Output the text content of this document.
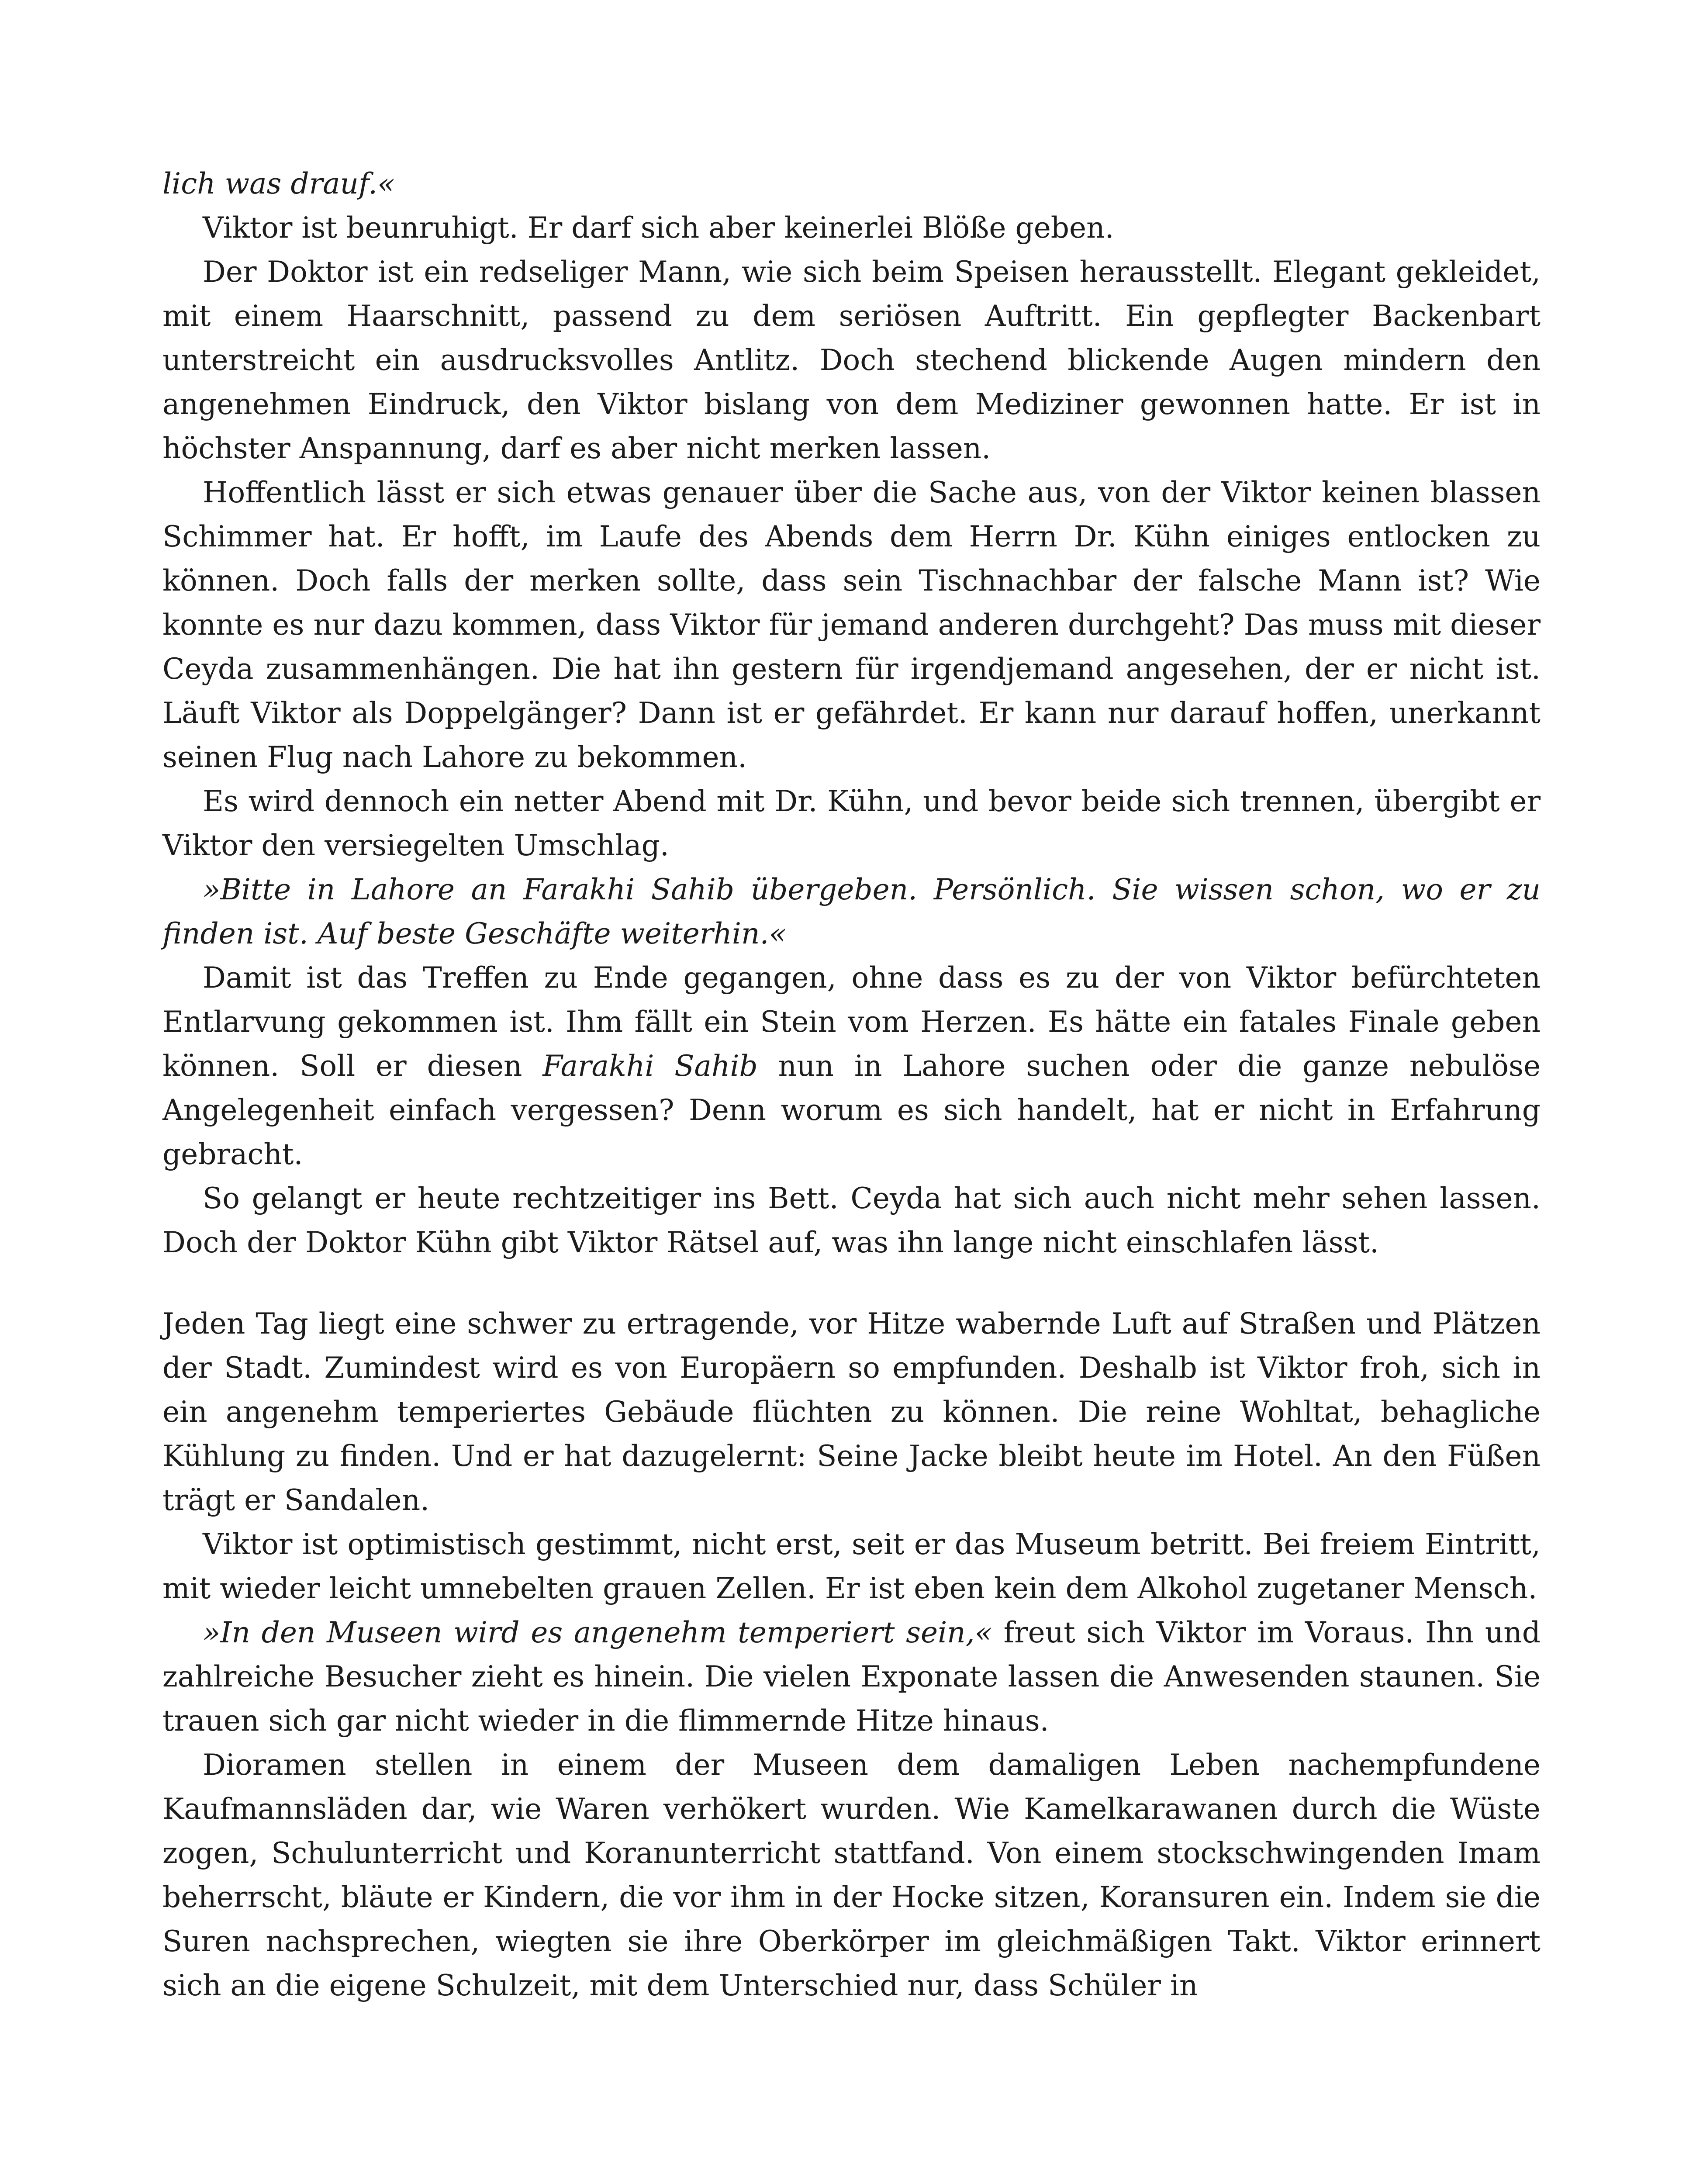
lich was drauf.«

Viktor ist beunruhigt. Er darf sich aber keinerlei Blöße geben.

Der Doktor ist ein redseliger Mann, wie sich beim Speisen herausstellt. Elegant gekleidet, mit einem Haarschnitt, passend zu dem seriösen Auftritt. Ein gepflegter Backenbart unterstreicht ein ausdrucksvolles Antlitz. Doch stechend blickende Augen mindern den angenehmen Eindruck, den Viktor bislang von dem Mediziner gewonnen hatte. Er ist in höchster Anspannung, darf es aber nicht merken lassen.

Hoffentlich lässt er sich etwas genauer über die Sache aus, von der Viktor keinen blassen Schimmer hat. Er hofft, im Laufe des Abends dem Herrn Dr. Kühn einiges entlocken zu können. Doch falls der merken sollte, dass sein Tischnachbar der falsche Mann ist? Wie konnte es nur dazu kommen, dass Viktor für jemand anderen durchgeht? Das muss mit dieser Ceyda zusammenhängen. Die hat ihn gestern für irgendjemand angesehen, der er nicht ist. Läuft Viktor als Doppelgänger? Dann ist er gefährdet. Er kann nur darauf hoffen, unerkannt seinen Flug nach Lahore zu bekommen.

Es wird dennoch ein netter Abend mit Dr. Kühn, und bevor beide sich trennen, übergibt er Viktor den versiegelten Umschlag.

»Bitte in Lahore an Farakhi Sahib übergeben. Persönlich. Sie wissen schon, wo er zu finden ist. Auf beste Geschäfte weiterhin.«

Damit ist das Treffen zu Ende gegangen, ohne dass es zu der von Viktor befürchteten Entlarvung gekommen ist. Ihm fällt ein Stein vom Herzen. Es hätte ein fatales Finale geben können. Soll er diesen Farakhi Sahib nun in Lahore suchen oder die ganze nebulöse Angelegenheit einfach vergessen? Denn worum es sich handelt, hat er nicht in Erfahrung gebracht.

So gelangt er heute rechtzeitiger ins Bett. Ceyda hat sich auch nicht mehr sehen lassen. Doch der Doktor Kühn gibt Viktor Rätsel auf, was ihn lange nicht einschlafen lässt.

Jeden Tag liegt eine schwer zu ertragende, vor Hitze wabernde Luft auf Straßen und Plätzen der Stadt. Zumindest wird es von Europäern so empfunden. Deshalb ist Viktor froh, sich in ein angenehm temperiertes Gebäude flüchten zu können. Die reine Wohltat, behagliche Kühlung zu finden. Und er hat dazugelernt: Seine Jacke bleibt heute im Hotel. An den Füßen trägt er Sandalen.

Viktor ist optimistisch gestimmt, nicht erst, seit er das Museum betritt. Bei freiem Eintritt, mit wieder leicht umnebelten grauen Zellen. Er ist eben kein dem Alkohol zugetaner Mensch.

»In den Museen wird es angenehm temperiert sein,« freut sich Viktor im Voraus. Ihn und zahlreiche Besucher zieht es hinein. Die vielen Exponate lassen die Anwesenden staunen. Sie trauen sich gar nicht wieder in die flimmernde Hitze hinaus.

Dioramen stellen in einem der Museen dem damaligen Leben nachempfundene Kaufmannsläden dar, wie Waren verhökert wurden. Wie Kamelkarawanen durch die Wüste zogen, Schulunterricht und Koranunterricht stattfand. Von einem stockschwingenden Imam beherrscht, bläute er Kindern, die vor ihm in der Hocke sitzen, Koransuren ein. Indem sie die Suren nachsprechen, wiegten sie ihre Oberkörper im gleichmäßigen Takt. Viktor erinnert sich an die eigene Schulzeit, mit dem Unterschied nur, dass Schüler in
